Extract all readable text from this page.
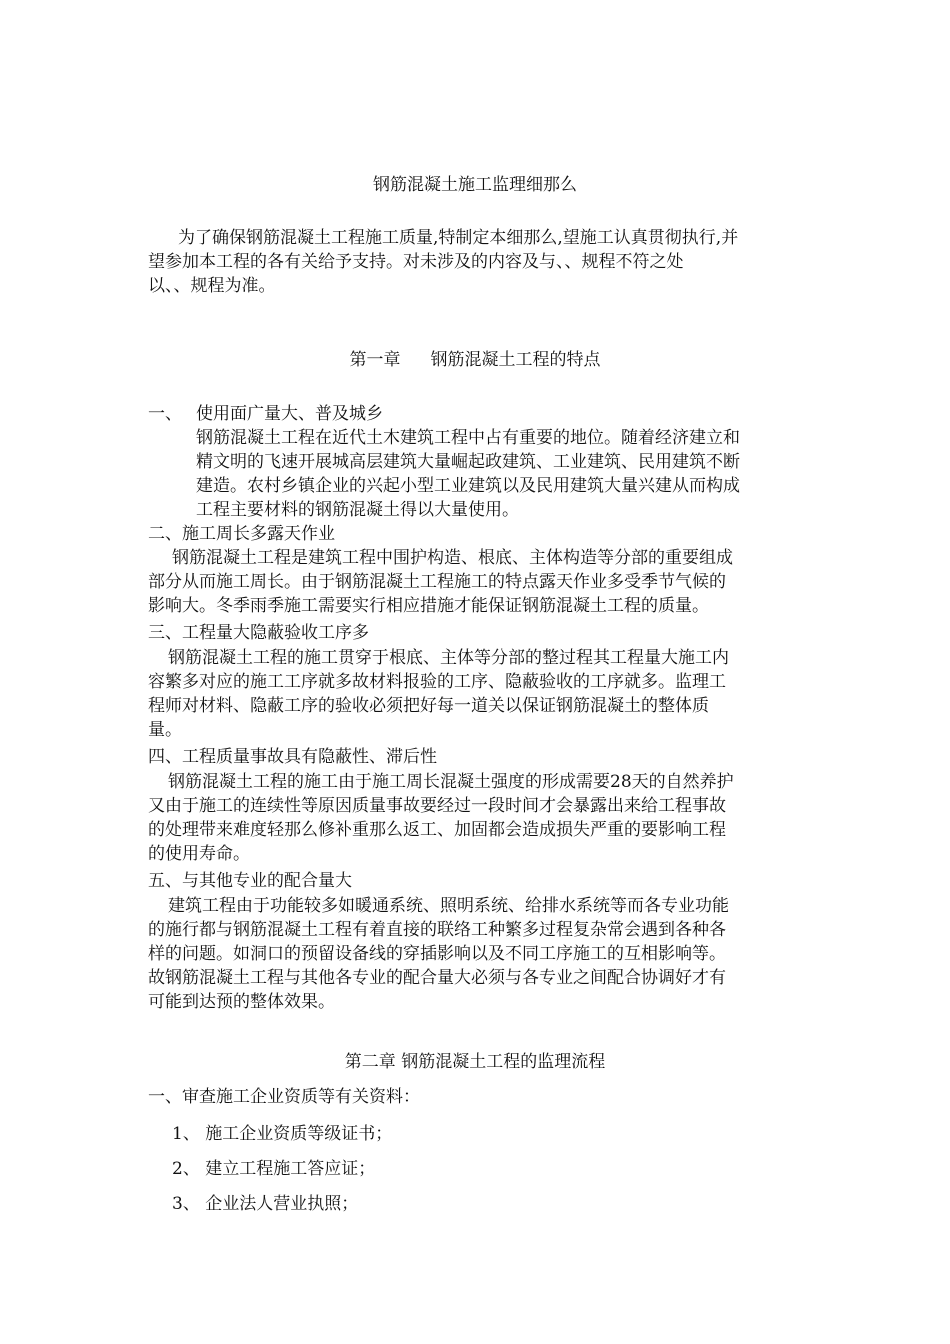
钢筋混凝土施工监理细那么
为了确保钢筋混凝土工程施工质量,特制定本细那么,望施工认真贯彻执行,并
望参加本工程的各有关给予支持。对未涉及的内容及与、、规程不符之处
以、、规程为准。
第一章 钢筋混凝土工程的特点
一、 使用面广量大、普及城乡
钢筋混凝土工程在近代土木建筑工程中占有重要的地位。随着经济建立和
精文明的飞速开展城高层建筑大量崛起政建筑、工业建筑、民用建筑不断
建造。农村乡镇企业的兴起小型工业建筑以及民用建筑大量兴建从而构成
工程主要材料的钢筋混凝土得以大量使用。
二、施工周长多露天作业
钢筋混凝土工程是建筑工程中围护构造、根底、主体构造等分部的重要组成
部分从而施工周长。由于钢筋混凝土工程施工的特点露天作业多受季节气候的
影响大。冬季雨季施工需要实行相应措施才能保证钢筋混凝土工程的质量。
三、工程量大隐蔽验收工序多
钢筋混凝土工程的施工贯穿于根底、主体等分部的整过程其工程量大施工内
容繁多对应的施工工序就多故材料报验的工序、隐蔽验收的工序就多。监理工
程师对材料、隐蔽工序的验收必须把好每一道关以保证钢筋混凝土的整体质
量。
四、工程质量事故具有隐蔽性、滞后性
钢筋混凝土工程的施工由于施工周长混凝土强度的形成需要28天的自然养护
又由于施工的连续性等原因质量事故要经过一段时间才会暴露出来给工程事故
的处理带来难度轻那么修补重那么返工、加固都会造成损失严重的要影响工程
的使用寿命。
五、与其他专业的配合量大
建筑工程由于功能较多如暖通系统、照明系统、给排水系统等而各专业功能
的施行都与钢筋混凝土工程有着直接的联络工种繁多过程复杂常会遇到各种各
样的问题。如洞口的预留设备线的穿插影响以及不同工序施工的互相影响等。
故钢筋混凝土工程与其他各专业的配合量大必须与各专业之间配合协调好才有
可能到达预的整体效果。
第二章 钢筋混凝土工程的监理流程
一、审查施工企业资质等有关资料：
1、 施工企业资质等级证书；
2、 建立工程施工答应证；
3、 企业法人营业执照；
